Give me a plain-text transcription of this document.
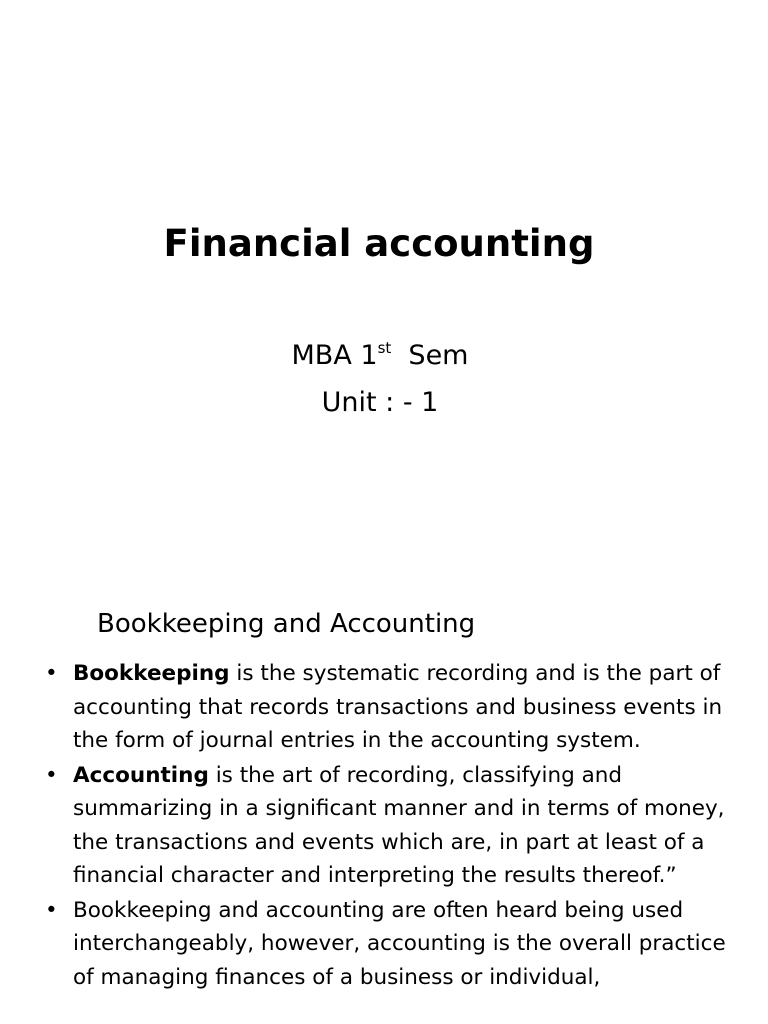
Financial accounting
MBA 1st  Sem
Unit : - 1
Bookkeeping and Accounting
• Bookkeeping is the systematic recording and is the part of accounting that records transactions and business events in the form of journal entries in the accounting system.
• Accounting is the art of recording, classifying and summarizing in a significant manner and in terms of money, the transactions and events which are, in part at least of a financial character and interpreting the results thereof.”
• Bookkeeping and accounting are often heard being used interchangeably, however, accounting is the overall practice of managing finances of a business or individual,
